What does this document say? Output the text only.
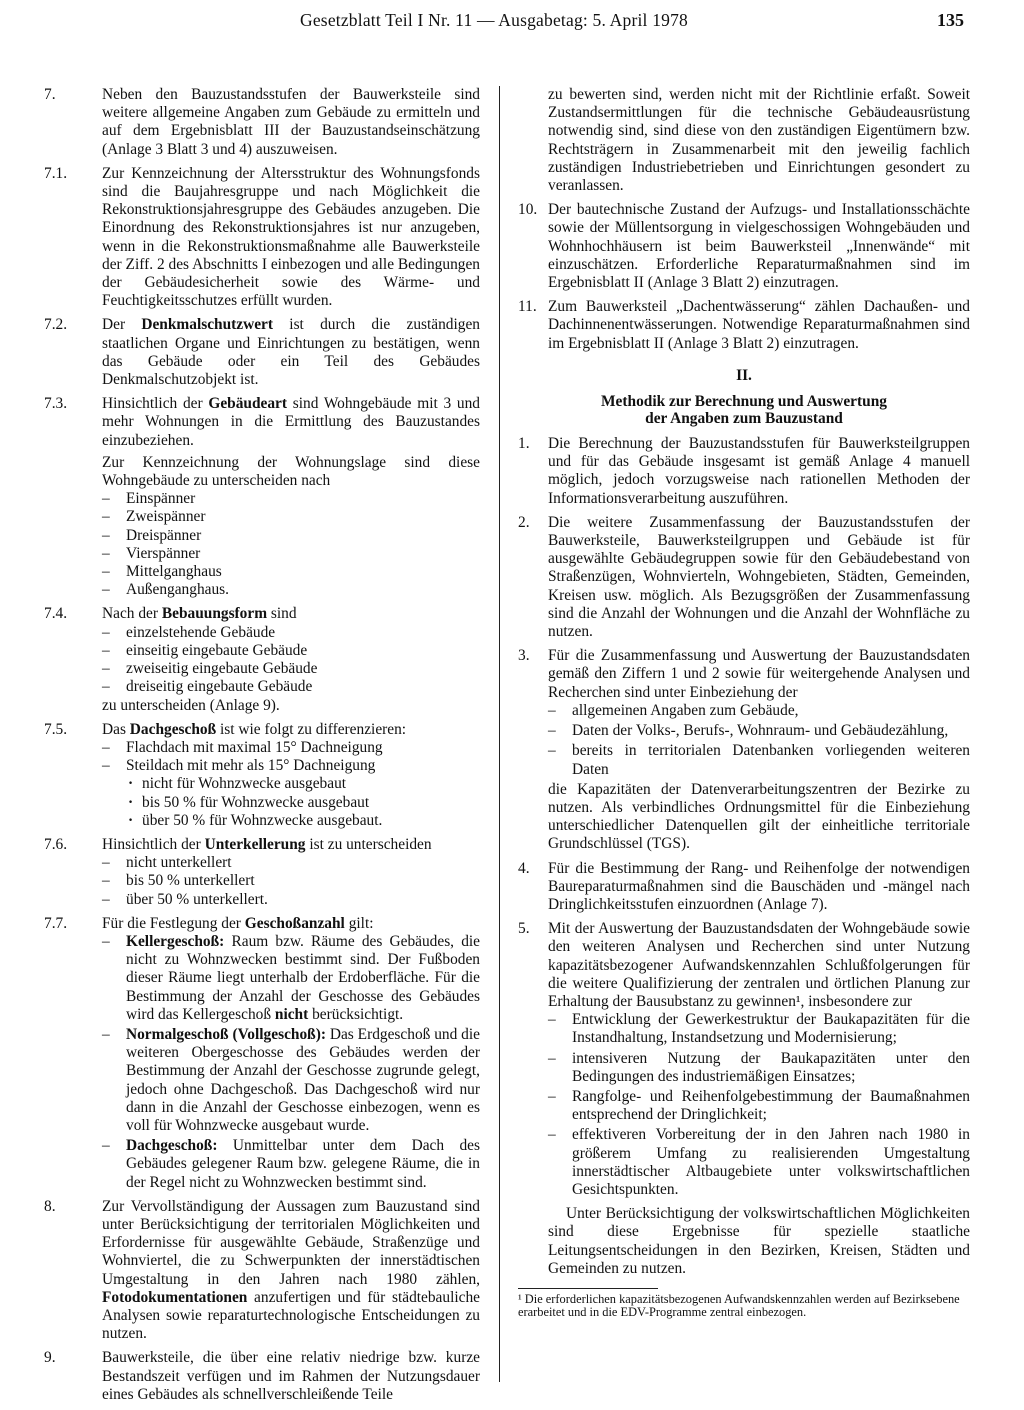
Gesetzblatt Teil I Nr. 11 — Ausgabetag: 5. April 1978	135
7.	Neben den Bauzustandsstufen der Bauwerksteile sind weitere allgemeine Angaben zum Gebäude zu ermitteln und auf dem Ergebnisblatt III der Bauzustandseinschätzung (Anlage 3 Blatt 3 und 4) auszuweisen.

7.1. Zur Kennzeichnung der Altersstruktur des Wohnungsfonds sind die Baujahresgruppe und nach Möglichkeit die Rekonstruktionsjahresgruppe des Gebäudes anzugeben. Die Einordnung des Rekonstruktionsjahres ist nur anzugeben, wenn in die Rekonstruktionsmaßnahme alle Bauwerksteile der Ziff. 2 des Abschnitts I einbezogen und alle Bedingungen der Gebäudesicherheit sowie des Wärme- und Feuchtigkeitsschutzes erfüllt wurden.

7.2. Der Denkmalschutzwert ist durch die zuständigen staatlichen Organe und Einrichtungen zu bestätigen, wenn das Gebäude oder ein Teil des Gebäudes Denkmalschutzobjekt ist.

7.3. Hinsichtlich der Gebäudeart sind Wohngebäude mit 3 und mehr Wohnungen in die Ermittlung des Bauzustandes einzubeziehen.

Zur Kennzeichnung der Wohnungslage sind diese Wohngebäude zu unterscheiden nach

– Einspänner
– Zweispänner
– Dreispänner
– Vierspänner
– Mittelganghaus
– Außenganghaus.
7.4. Nach der Bebauungsform sind

– einzelstehende Gebäude
– einseitig eingebaute Gebäude
– zweiseitig eingebaute Gebäude
– dreiseitig eingebaute Gebäude

zu unterscheiden (Anlage 9).

7.5. Das Dachgeschoß ist wie folgt zu differenzieren:

– Flachdach mit maximal 15° Dachneigung
– Steildach mit mehr als 15° Dachneigung
· nicht für Wohnzwecke ausgebaut
· bis 50 % für Wohnzwecke ausgebaut
· über 50 % für Wohnzwecke ausgebaut.
7.6. Hinsichtlich der Unterkellerung ist zu unterscheiden

– nicht unterkellert
– bis 50 % unterkellert
– über 50 % unterkellert.
7.7. Für die Festlegung der Geschoßanzahl gilt:

– Kellergeschoß: Raum bzw. Räume des Gebäudes, die nicht zu Wohnzwecken bestimmt sind. Der Fußboden dieser Räume liegt unterhalb der Erdoberfläche. Für die Bestimmung der Anzahl der Geschosse des Gebäudes wird das Kellergeschoß nicht berücksichtigt.
– Normalgeschoß (Vollgeschoß): Das Erdgeschoß und die weiteren Obergeschosse des Gebäudes werden der Bestimmung der Anzahl der Geschosse zugrunde gelegt, jedoch ohne Dachgeschoß. Das Dachgeschoß wird nur dann in die Anzahl der Geschosse einbezogen, wenn es voll für Wohnzwecke ausgebaut wurde.
– Dachgeschoß: Unmittelbar unter dem Dach des Gebäudes gelegener Raum bzw. gelegene Räume, die in der Regel nicht zu Wohnzwecken bestimmt sind.
8.	Zur Vervollständigung der Aussagen zum Bauzustand sind unter Berücksichtigung der territorialen Möglichkeiten und Erfordernisse für ausgewählte Gebäude, Straßenzüge und Wohnviertel, die zu Schwerpunkten der innerstädtischen Umgestaltung in den Jahren nach 1980 zählen, Fotodokumentationen anzufertigen und für städtebauliche Analysen sowie reparaturtechnologische Entscheidungen zu nutzen.

9.	Bauwerksteile, die über eine relativ niedrige bzw. kurze Bestandszeit verfügen und im Rahmen der Nutzungsdauer eines Gebäudes als schnellverschleißende Teile

zu bewerten sind, werden nicht mit der Richtlinie erfaßt. Soweit Zustandsermittlungen für die technische Gebäudeausrüstung notwendig sind, sind diese von den zuständigen Eigentümern bzw. Rechtsträgern in Zusammenarbeit mit den jeweilig fachlich zuständigen Industriebetrieben und Einrichtungen gesondert zu veranlassen.

10. Der bautechnische Zustand der Aufzugs- und Installationsschächte sowie der Müllentsorgung in vielgeschossigen Wohngebäuden und Wohnhochhäusern ist beim Bauwerksteil „Innenwände“ mit einzuschätzen. Erforderliche Reparaturmaßnahmen sind im Ergebnisblatt II (Anlage 3 Blatt 2) einzutragen.

11. Zum Bauwerksteil „Dachentwässerung“ zählen Dachaußen- und Dachinnenentwässerungen. Notwendige Reparaturmaßnahmen sind im Ergebnisblatt II (Anlage 3 Blatt 2) einzutragen.

II.
Methodik zur Berechnung und Auswertung
der Angaben zum Bauzustand
1. Die Berechnung der Bauzustandsstufen für Bauwerksteilgruppen und für das Gebäude insgesamt ist gemäß Anlage 4 manuell möglich, jedoch vorzugsweise nach rationellen Methoden der Informationsverarbeitung auszuführen.

2. Die weitere Zusammenfassung der Bauzustandsstufen der Bauwerksteile, Bauwerksteilgruppen und Gebäude ist für ausgewählte Gebäudegruppen sowie für den Gebäudebestand von Straßenzügen, Wohnvierteln, Wohngebieten, Städten, Gemeinden, Kreisen usw. möglich. Als Bezugsgrößen der Zusammenfassung sind die Anzahl der Wohnungen und die Anzahl der Wohnfläche zu nutzen.

3. Für die Zusammenfassung und Auswertung der Bauzustandsdaten gemäß den Ziffern 1 und 2 sowie für weitergehende Analysen und Recherchen sind unter Einbeziehung der

– allgemeinen Angaben zum Gebäude,
– Daten der Volks-, Berufs-, Wohnraum- und Gebäudezählung,
– bereits in territorialen Datenbanken vorliegenden weiteren Daten

die Kapazitäten der Datenverarbeitungszentren der Bezirke zu nutzen. Als verbindliches Ordnungsmittel für die Einbeziehung unterschiedlicher Datenquellen gilt der einheitliche territoriale Grundschlüssel (TGS).

4. Für die Bestimmung der Rang- und Reihenfolge der notwendigen Baureparaturmaßnahmen sind die Bauschäden und -mängel nach Dringlichkeitsstufen einzuordnen (Anlage 7).

5. Mit der Auswertung der Bauzustandsdaten der Wohngebäude sowie den weiteren Analysen und Recherchen sind unter Nutzung kapazitätsbezogener Aufwandskennzahlen Schlußfolgerungen für die weitere Qualifizierung der zentralen und örtlichen Planung zur Erhaltung der Bausubstanz zu gewinnen¹, insbesondere zur

– Entwicklung der Gewerkestruktur der Baukapazitäten für die Instandhaltung, Instandsetzung und Modernisierung;
– intensiveren Nutzung der Baukapazitäten unter den Bedingungen des industriemäßigen Einsatzes;
– Rangfolge- und Reihenfolgebestimmung der Baumaßnahmen entsprechend der Dringlichkeit;
– effektiveren Vorbereitung der in den Jahren nach 1980 in größerem Umfang zu realisierenden Umgestaltung innerstädtischer Altbaugebiete unter volkswirtschaftlichen Gesichtspunkten.

Unter Berücksichtigung der volkswirtschaftlichen Möglichkeiten sind diese Ergebnisse für spezielle staatliche Leitungsentscheidungen in den Bezirken, Kreisen, Städten und Gemeinden zu nutzen.

¹ Die erforderlichen kapazitätsbezogenen Aufwandskennzahlen werden auf Bezirksebene erarbeitet und in die EDV-Programme zentral einbezogen.
